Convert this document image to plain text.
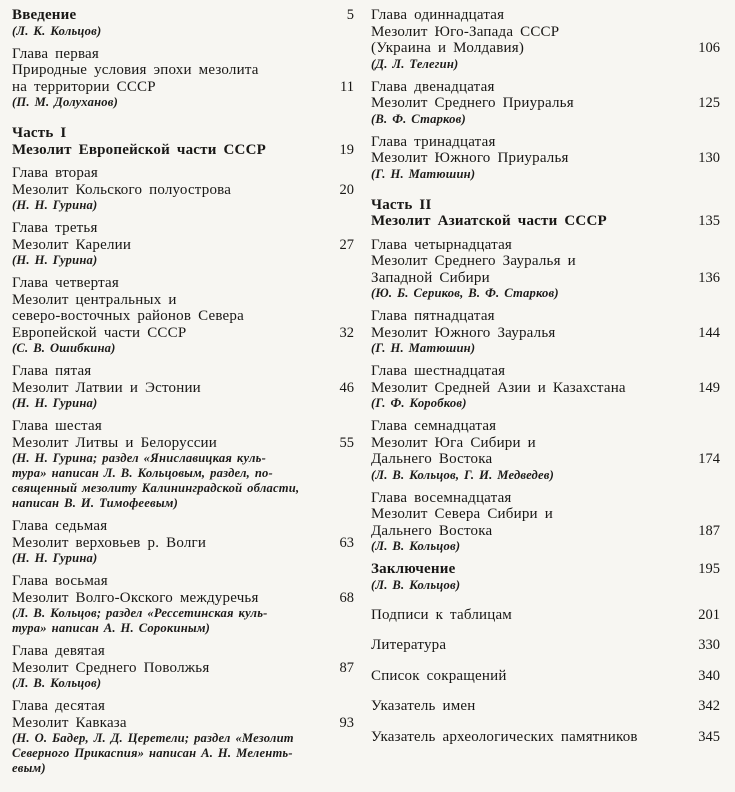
Введение	5
(Л. К. Кольцов)
Глава первая
Природные условия эпохи мезолита
на территории СССР	11
(П. М. Долуханов)
Часть I
Мезолит Европейской части СССР	19
Глава вторая
Мезолит Кольского полуострова	20
(Н. Н. Гурина)
Глава третья
Мезолит Карелии	27
(Н. Н. Гурина)
Глава четвертая
Мезолит центральных и
северо-восточных районов Севера
Европейской части СССР	32
(С. В. Ошибкина)
Глава пятая
Мезолит Латвии и Эстонии	46
(Н. Н. Гурина)
Глава шестая
Мезолит Литвы и Белоруссии	55
(Н. Н. Гурина; раздел «Яниславицкая куль-
тура» написан Л. В. Кольцовым, раздел, по-
священный мезолиту Калининградской области,
написан В. И. Тимофеевым)
Глава седьмая
Мезолит верховьев р. Волги	63
(Н. Н. Гурина)
Глава восьмая
Мезолит Волго-Окского междуречья	68
(Л. В. Кольцов; раздел «Рессетинская куль-
тура» написан А. Н. Сорокиным)
Глава девятая
Мезолит Среднего Поволжья	87
(Л. В. Кольцов)
Глава десятая
Мезолит Кавказа	93
(Н. О. Бадер, Л. Д. Церетели; раздел «Мезолит
Северного Прикаспия» написан А. Н. Меленть-
евым)
Глава одиннадцатая
Мезолит Юго-Запада СССР
(Украина и Молдавия)	106
(Д. Л. Телегин)
Глава двенадцатая
Мезолит Среднего Приуралья	125
(В. Ф. Старков)
Глава тринадцатая
Мезолит Южного Приуралья	130
(Г. Н. Матюшин)
Часть II
Мезолит Азиатской части СССР	135
Глава четырнадцатая
Мезолит Среднего Зауралья и
Западной Сибири	136
(Ю. Б. Сериков, В. Ф. Старков)
Глава пятнадцатая
Мезолит Южного Зауралья	144
(Г. Н. Матюшин)
Глава шестнадцатая
Мезолит Средней Азии и Казахстана	149
(Г. Ф. Коробков)
Глава семнадцатая
Мезолит Юга Сибири и
Дальнего Востока	174
(Л. В. Кольцов, Г. И. Медведев)
Глава восемнадцатая
Мезолит Севера Сибири и
Дальнего Востока	187
(Л. В. Кольцов)
Заключение	195
(Л. В. Кольцов)
Подписи к таблицам	201
Литература	330
Список сокращений	340
Указатель имен	342
Указатель археологических памятников	345
